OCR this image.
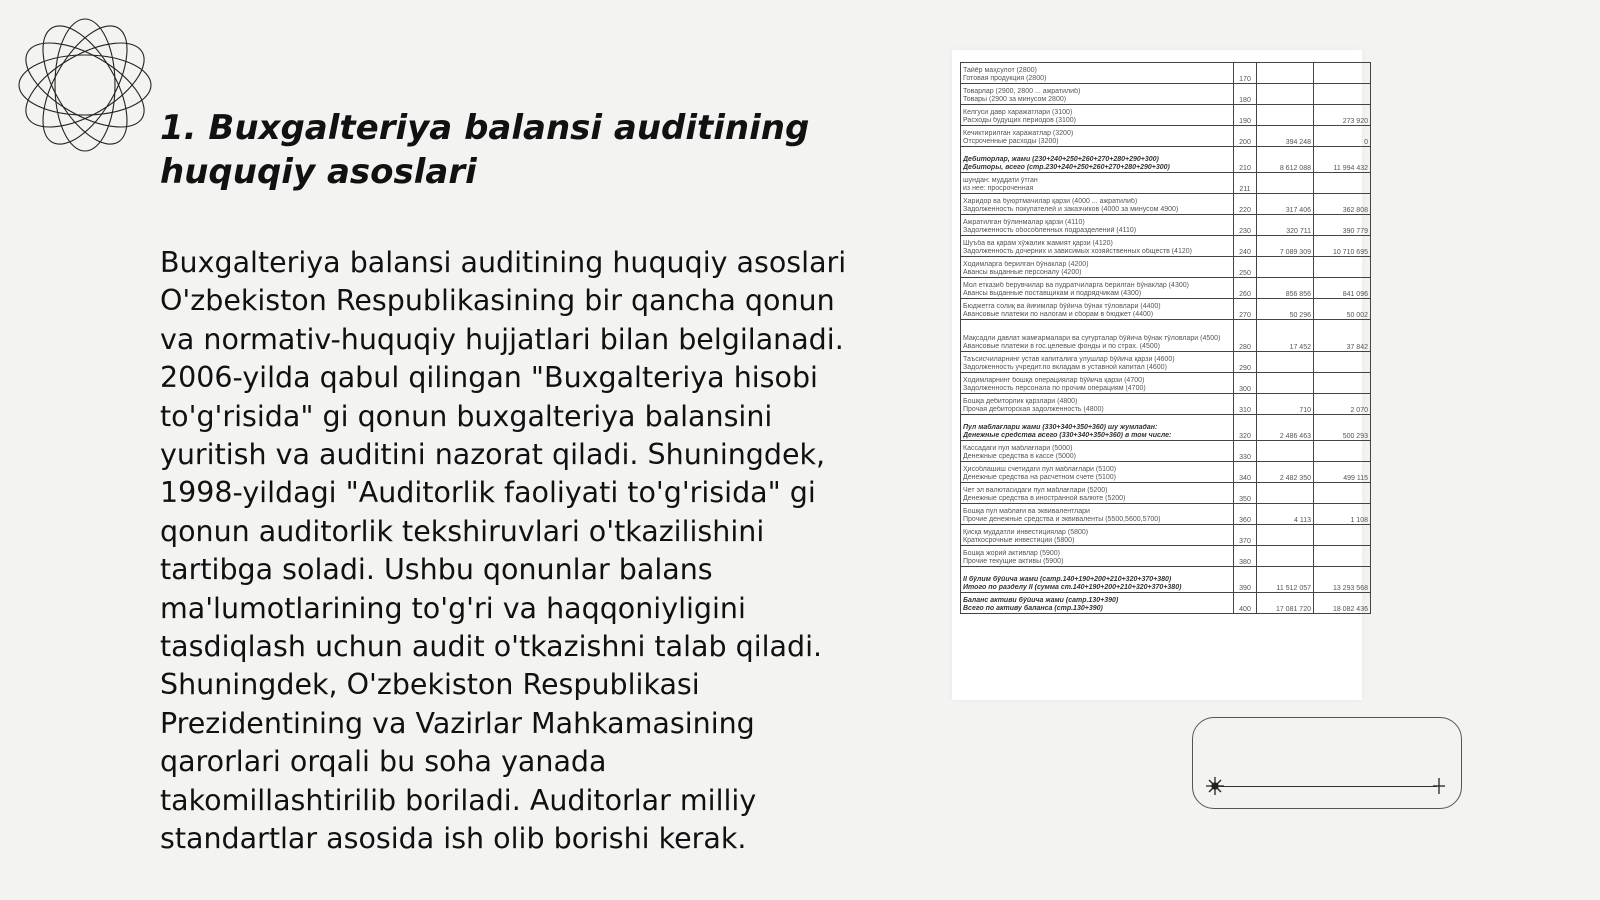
1. Buxgalteriya balansi auditining huquqiy asoslari

Buxgalteriya balansi auditining huquqiy asoslari O'zbekiston Respublikasining bir qancha qonun va normativ-huquqiy hujjatlari bilan belgilanadi. 2006-yilda qabul qilingan "Buxgalteriya hisobi to'g'risida" gi qonun buxgalteriya balansini yuritish va auditini nazorat qiladi. Shuningdek, 1998-yildagi "Auditorlik faoliyati to'g'risida" gi qonun auditorlik tekshiruvlari o'tkazilishini tartibga soladi. Ushbu qonunlar balans ma'lumotlarining to'g'ri va haqqoniyligini tasdiqlash uchun audit o'tkazishni talab qiladi. Shuningdek, O'zbekiston Respublikasi Prezidentining va Vazirlar Mahkamasining qarorlari orqali bu soha yanada takomillashtirilib boriladi. Auditorlar milliy standartlar asosida ish olib borishi kerak.

Тайёр маҳсулот (2800)
Готовая продукция (2800)	170		

Товарлар (2900, 2800 ... ажратилиб)
Товары (2900 за минусом 2800)	180		

Келгуси давр харажатлари (3100)
Расходы будущих периодов (3100)	190		273 920

Кечиктирилган харажатлар (3200)
Отсроченные расходы (3200)	200	394 248	0

Дебиторлар, жами (230+240+250+260+270+280+290+300)
Дебиторы, всего (стр.230+240+250+260+270+280+290+300)	210	8 612 088	11 994 432

шундан: муддати ўтган
из нее: просроченная	211		

Харидор ва буюртмачилар қарзи (4000 ... ажратилиб)
Задолженность покупателей и заказчиков (4000 за минусом 4900)	220	317 406	362 808

Ажратилган бўлинмалар қарзи (4110)
Задолженность обособленных подразделений (4110)	230	320 711	390 779

Шуъба ва қарам хўжалик жамият қарзи (4120)
Задолженность дочерних и зависимых хозяйственных обществ (4120)	240	7 089 309	10 710 695

Ходимларга берилган бўнаклар (4200)
Авансы выданные персоналу (4200)	250		

Мол етказиб берувчилар ва пудратчиларга берилган бўнаклар (4300)
Авансы выданные поставщикам и подрядчикам (4300)	260	856 856	841 096

Бюджетга солиқ ва йиғимлар бўйича бўнак тўловлари (4400)
Авансовые платежи по налогам и сборам в бюджет (4400)	270	50 296	50 002

Мақсадли давлат жамғармалари ва суғурталар бўйича бўнак тўловлари (4500)
Авансовые платежи в гос.целевые фонды и по страх. (4500)	280	17 452	37 842

Таъсисчиларнинг устав капиталига улушлар бўйича қарзи (4600)
Задолженность учредит.по вкладам в уставной капитал (4600)	290		

Ходимларнинг бошқа операциялар бўйича қарзи (4700)
Задолженность персонала по прочим операциям (4700)	300		

Бошқа дебиторлик қарзлари (4800)
Прочая дебиторская задолженность (4800)	310	710	2 070

Пул маблағлари жами (330+340+350+360) шу жумладан:
Денежные средства всего (330+340+350+360) в том числе:	320	2 486 463	500 293

Кассадаги пул маблағлари (5000)
Денежные средства в кассе (5000)	330		

Ҳисоблашиш счетидаги пул маблағлари (5100)
Денежные средства на расчетном счете (5100)	340	2 482 350	499 115

Чет эл валютасидаги пул маблағлари (5200)
Денежные средства в иностранной валюте (5200)	350		

Бошқа пул маблағи ва эквивалентлари
Прочие денежные средства и эквиваленты (5500,5600,5700)	360	4 113	1 108

Қисқа муддатли инвестициялар (5800)
Краткосрочные инвестиции (5800)	370		

Бошқа жорий активлар (5900)
Прочие текущие активы (5900)	380		

II бўлим бўйича жами (сатр.140+190+200+210+320+370+380)
Итого по разделу II (сумма ст.140+190+200+210+320+370+380)	390	11 512 057	13 293 568

Баланс активи бўйича жами (сатр.130+390)
Всего по активу баланса (стр.130+390)	400	17 081 720	18 082 436
